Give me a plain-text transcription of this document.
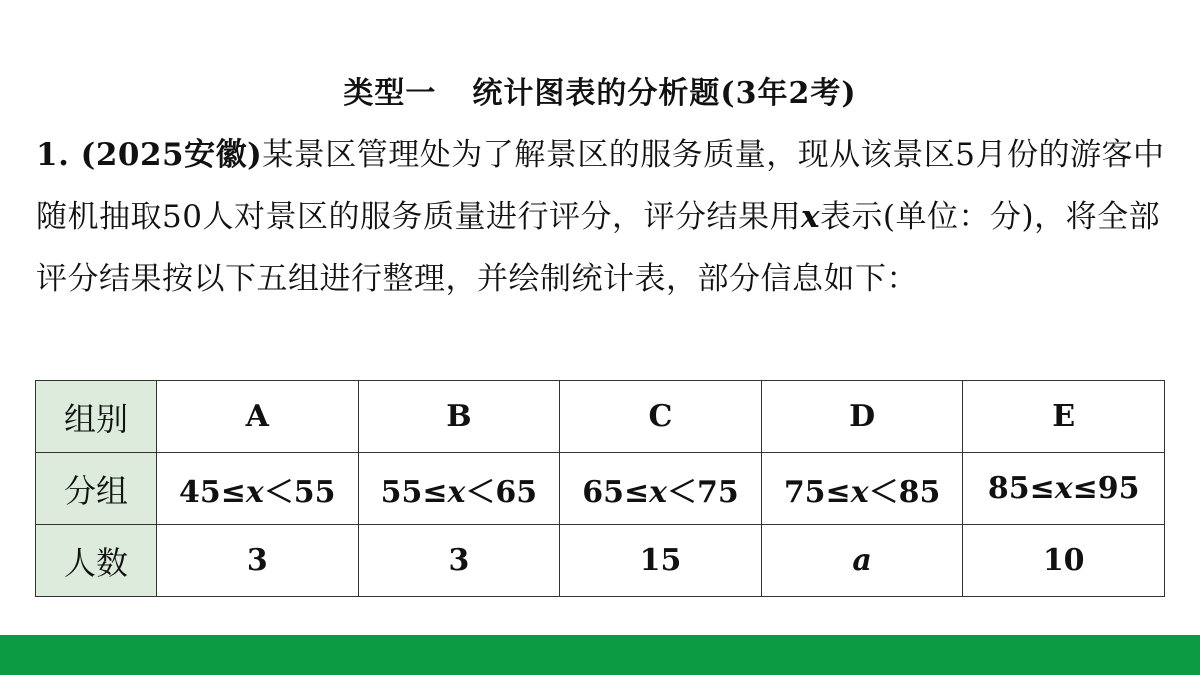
类型一 统计图表的分析题(3年2考)
1. (2025安徽)某景区管理处为了解景区的服务质量，现从该景区5月份的游客中随机抽取50人对景区的服务质量进行评分，评分结果用x表示(单位：分)，将全部评分结果按以下五组进行整理，并绘制统计表，部分信息如下：
组别	A	B	C	D	E
分组	45≤x＜55	55≤x＜65	65≤x＜75	75≤x＜85	85≤x≤95
人数	3	3	15	a	10
